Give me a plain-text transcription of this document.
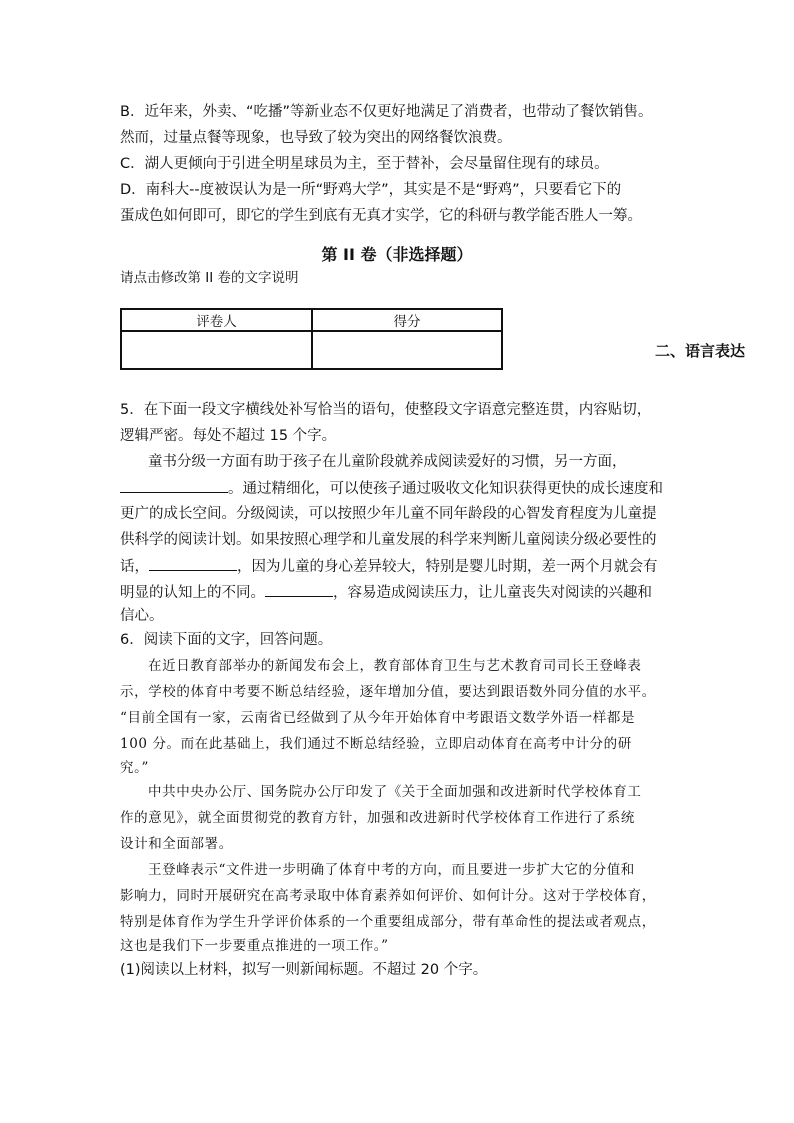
B．近年来，外卖、“吃播”等新业态不仅更好地满足了消费者，也带动了餐饮销售。
然而，过量点餐等现象，也导致了较为突出的网络餐饮浪费。
C．湖人更倾向于引进全明星球员为主，至于替补，会尽量留住现有的球员。
D．南科大--度被误认为是一所“野鸡大学”，其实是不是“野鸡”，只要看它下的
蛋成色如何即可，即它的学生到底有无真才实学，它的科研与教学能否胜人一筹。
第 II 卷（非选择题）
请点击修改第 II 卷的文字说明
评卷人	得分

二、语言表达
5．在下面一段文字横线处补写恰当的语句，使整段文字语意完整连贯，内容贴切，
逻辑严密。每处不超过 15 个字。
童书分级一方面有助于孩子在儿童阶段就养成阅读爱好的习惯，另一方面，
。通过精细化，可以使孩子通过吸收文化知识获得更快的成长速度和
更广的成长空间。分级阅读，可以按照少年儿童不同年龄段的心智发育程度为儿童提
供科学的阅读计划。如果按照心理学和儿童发展的科学来判断儿童阅读分级必要性的
话，	，因为儿童的身心差异较大，特别是婴儿时期，差一两个月就会有
明显的认知上的不同。	，容易造成阅读压力，让儿童丧失对阅读的兴趣和
信心。
6．阅读下面的文字，回答问题。
在近日教育部举办的新闻发布会上，教育部体育卫生与艺术教育司司长王登峰表
示，学校的体育中考要不断总结经验，逐年增加分值，要达到跟语数外同分值的水平。
“目前全国有一家，云南省已经做到了从今年开始体育中考跟语文数学外语一样都是
100 分。而在此基础上，我们通过不断总结经验，立即启动体育在高考中计分的研
究。”
中共中央办公厅、国务院办公厅印发了《关于全面加强和改进新时代学校体育工
作的意见》，就全面贯彻党的教育方针，加强和改进新时代学校体育工作进行了系统
设计和全面部署。
王登峰表示“文件进一步明确了体育中考的方向，而且要进一步扩大它的分值和
影响力，同时开展研究在高考录取中体育素养如何评价、如何计分。这对于学校体育，
特别是体育作为学生升学评价体系的一个重要组成部分，带有革命性的提法或者观点，
这也是我们下一步要重点推进的一项工作。”
(1)阅读以上材料，拟写一则新闻标题。不超过 20 个字。
